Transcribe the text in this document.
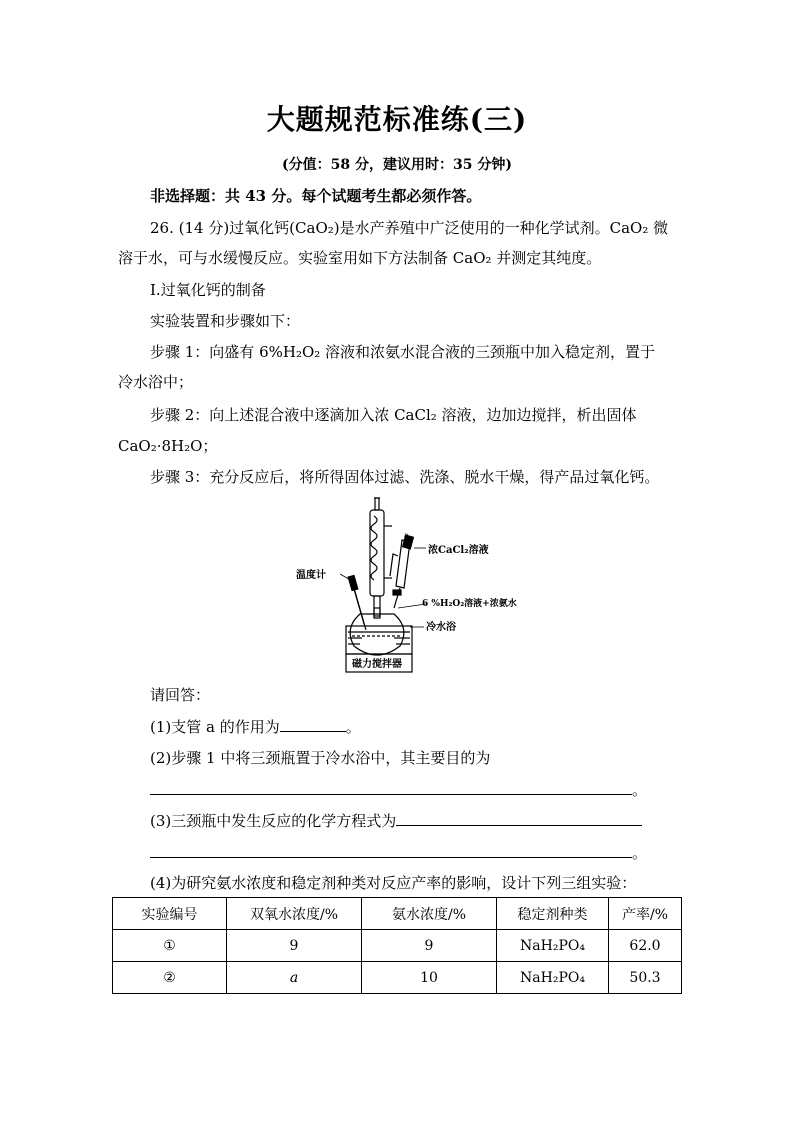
大题规范标准练(三)
(分值：58 分，建议用时：35 分钟)
非选择题：共 43 分。每个试题考生都必须作答。
26. (14 分)过氧化钙(CaO₂)是水产养殖中广泛使用的一种化学试剂。CaO₂ 微
溶于水，可与水缓慢反应。实验室用如下方法制备 CaO₂ 并测定其纯度。
Ⅰ.过氧化钙的制备
实验装置和步骤如下：
步骤 1：向盛有 6%H₂O₂ 溶液和浓氨水混合液的三颈瓶中加入稳定剂，置于
冷水浴中；
步骤 2：向上述混合液中逐滴加入浓 CaCl₂ 溶液，边加边搅拌，析出固体
CaO₂·8H₂O；
步骤 3：充分反应后，将所得固体过滤、洗涤、脱水干燥，得产品过氧化钙。
浓CaCl₂溶液
a
温度计
6 %H₂O₂溶液+浓氨水
冷水浴
磁力搅拌器
请回答：
(1)支管 a 的作用为	。
(2)步骤 1 中将三颈瓶置于冷水浴中，其主要目的为
。
(3)三颈瓶中发生反应的化学方程式为
。
(4)为研究氨水浓度和稳定剂种类对反应产率的影响，设计下列三组实验：
实验编号	双氧水浓度/%	氨水浓度/%	稳定剂种类	产率/%
①	9	9	NaH₂PO₄	62.0
②	a	10	NaH₂PO₄	50.3
